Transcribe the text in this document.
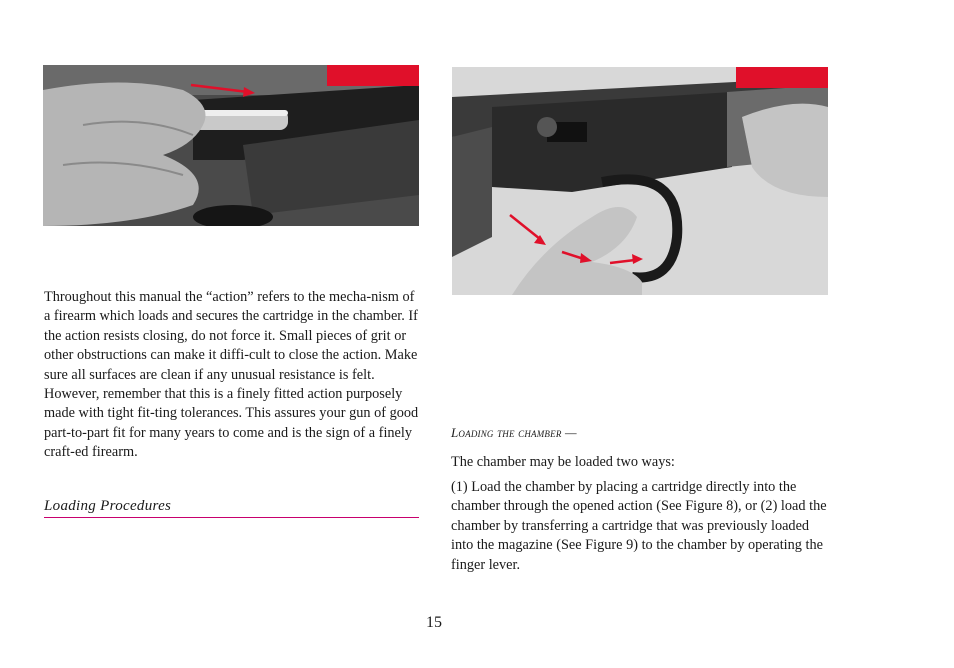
Throughout this manual the “action” refers to the mecha-nism of a firearm which loads and secures the cartridge in the chamber. If the action resists closing, do not force it. Small pieces of grit or other obstructions can make it diffi-cult to close the action. Make sure all surfaces are clean if any unusual resistance is felt. However, remember that this is a finely fitted action purposely made with tight fit-ting tolerances. This assures your gun of good part-to-part fit for many years to come and is the sign of a finely craft-ed firearm.

Loading Procedures
Loading the chamber —

The chamber may be loaded two ways:

(1) Load the chamber by placing a cartridge directly into the chamber through the opened action (See Figure 8), or (2) load the chamber by transferring a cartridge that was previously loaded into the magazine (See Figure 9) to the chamber by operating the finger lever.

15
